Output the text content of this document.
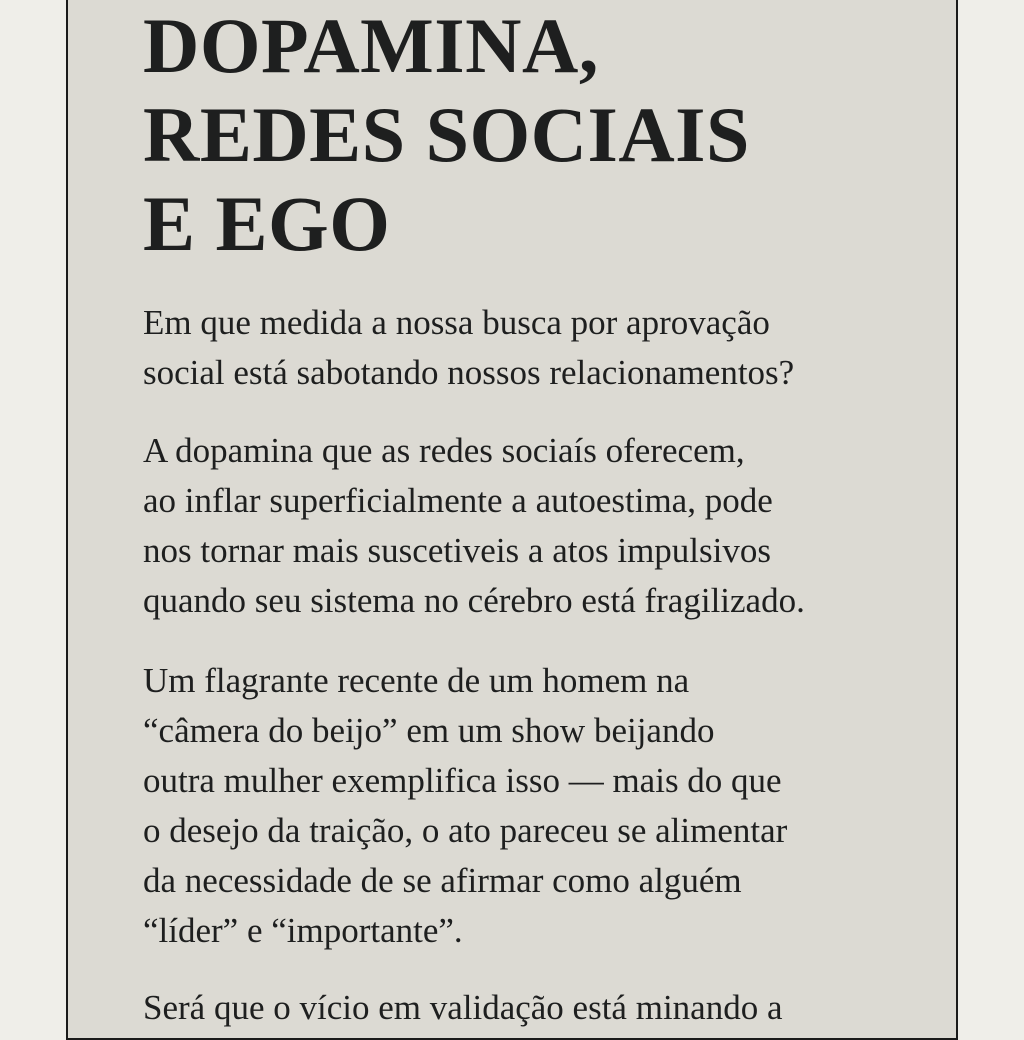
DOPAMINA,
REDES SOCIAIS
E EGO
Em que medida a nossa busca por aprovação
social está sabotando nossos relacionamentos?
A dopamina que as redes sociaís oferecem,
ao inflar superficialmente a autoestima, pode
nos tornar mais suscetiveis a atos impulsivos
quando seu sistema no cérebro está fragilizado.
Um flagrante recente de um homem na
“câmera do beijo” em um show beijando
outra mulher exemplifica isso — mais do que
o desejo da traição, o ato pareceu se alimentar
da necessidade de se afirmar como alguém
“líder” e “importante”.
Será que o vício em validação está minando a
